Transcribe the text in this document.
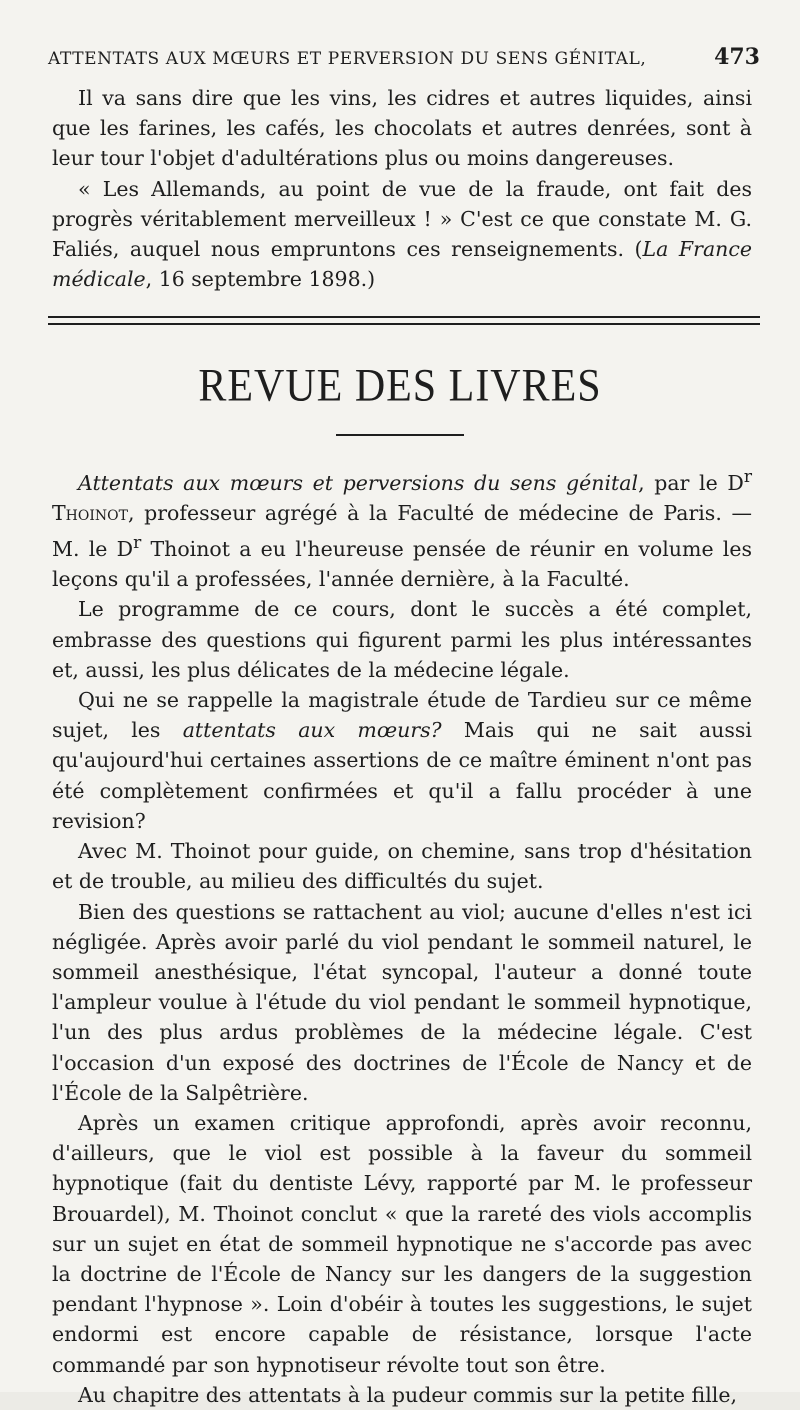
ATTENTATS AUX MŒURS ET PERVERSION DU SENS GÉNITAL,	473

Il va sans dire que les vins, les cidres et autres liquides, ainsi que les farines, les cafés, les chocolats et autres denrées, sont à leur tour l'objet d'adultérations plus ou moins dangereuses.

« Les Allemands, au point de vue de la fraude, ont fait des progrès véritablement merveilleux ! » C'est ce que constate M. G. Faliés, auquel nous empruntons ces renseignements. (La France médicale, 16 septembre 1898.)

REVUE DES LIVRES

Attentats aux mœurs et perversions du sens génital, par le $D^r$ Thoinot, professeur agrégé à la Faculté de médecine de Paris. — M. le $D^r$ Thoinot a eu l'heureuse pensée de réunir en volume les leçons qu'il a professées, l'année dernière, à la Faculté.

Le programme de ce cours, dont le succès a été complet, embrasse des questions qui figurent parmi les plus intéressantes et, aussi, les plus délicates de la médecine légale.

Qui ne se rappelle la magistrale étude de Tardieu sur ce même sujet, les attentats aux mœurs? Mais qui ne sait aussi qu'aujourd'hui certaines assertions de ce maître éminent n'ont pas été complètement confirmées et qu'il a fallu procéder à une revision?

Avec M. Thoinot pour guide, on chemine, sans trop d'hésitation et de trouble, au milieu des difficultés du sujet.

Bien des questions se rattachent au viol; aucune d'elles n'est ici négligée. Après avoir parlé du viol pendant le sommeil naturel, le sommeil anesthésique, l'état syncopal, l'auteur a donné toute l'ampleur voulue à l'étude du viol pendant le sommeil hypnotique, l'un des plus ardus problèmes de la médecine légale. C'est l'occasion d'un exposé des doctrines de l'École de Nancy et de l'École de la Salpêtrière.

Après un examen critique approfondi, après avoir reconnu, d'ailleurs, que le viol est possible à la faveur du sommeil hypnotique (fait du dentiste Lévy, rapporté par M. le professeur Brouardel), M. Thoinot conclut « que la rareté des viols accomplis sur un sujet en état de sommeil hypnotique ne s'accorde pas avec la doctrine de l'École de Nancy sur les dangers de la suggestion pendant l'hypnose ». Loin d'obéir à toutes les suggestions, le sujet endormi est encore capable de résistance, lorsque l'acte commandé par son hypnotiseur révolte tout son être.

Au chapitre des attentats à la pudeur commis sur la petite fille,
